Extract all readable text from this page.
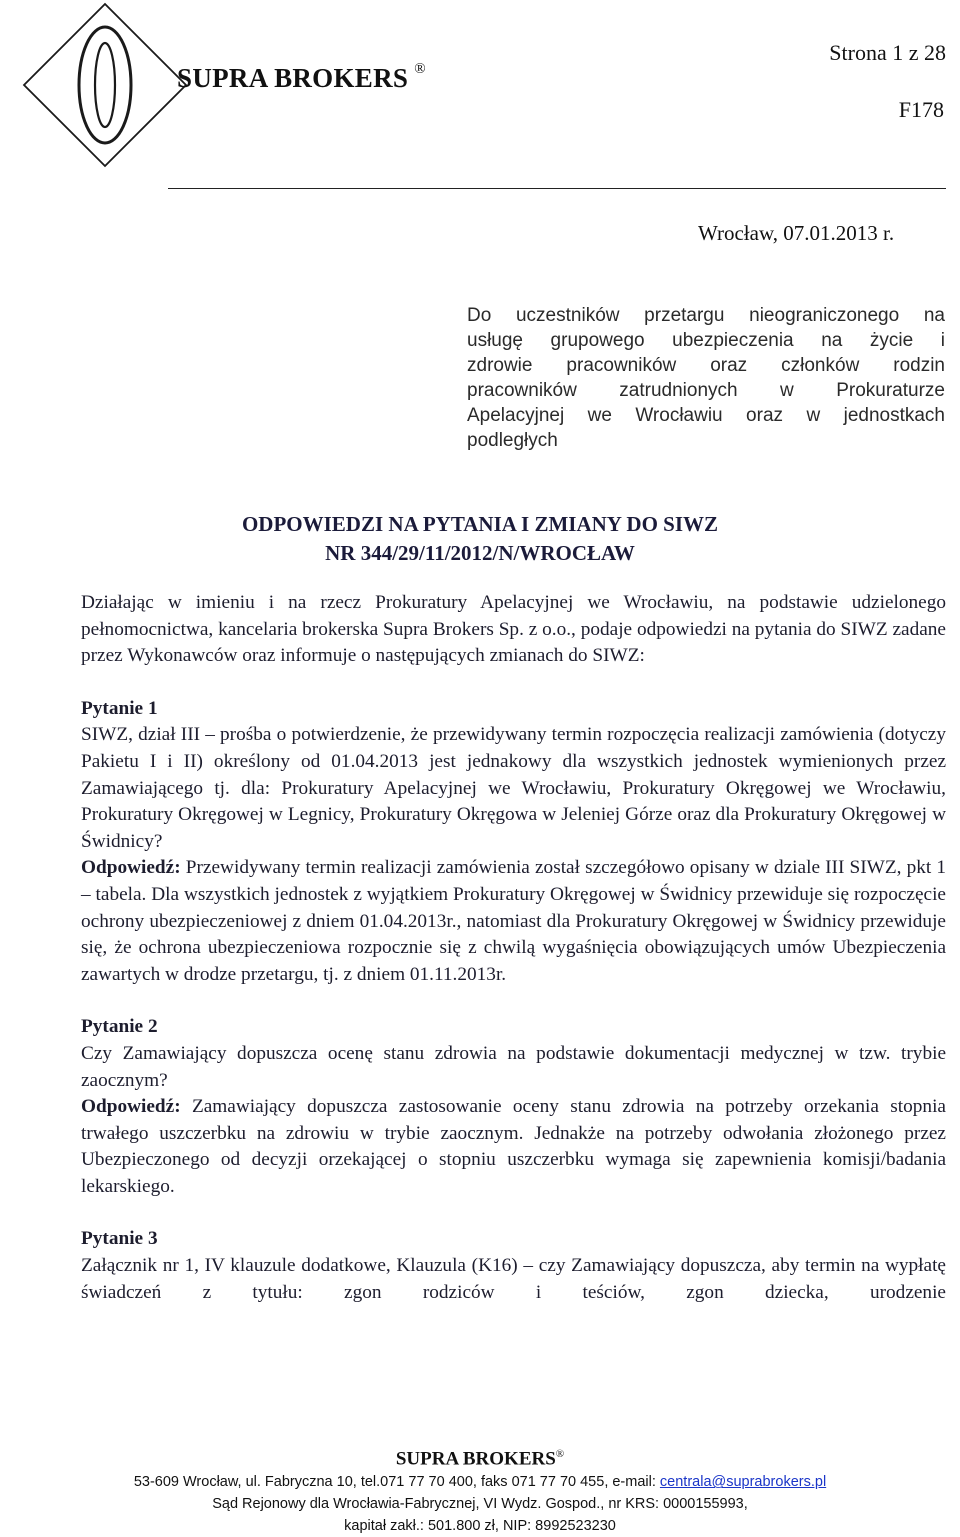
SUPRA BROKERS ®
Strona 1 z 28
F178
Wrocław, 07.01.2013 r.
Do uczestników przetargu nieograniczonego na
usługę grupowego ubezpieczenia na życie i
zdrowie pracowników oraz członków rodzin
pracowników zatrudnionych w Prokuraturze
Apelacyjnej we Wrocławiu oraz w jednostkach
podległych
ODPOWIEDZI NA PYTANIA I ZMIANY DO SIWZ
NR 344/29/11/2012/N/WROCŁAW

Działając w imieniu i na rzecz Prokuratury Apelacyjnej we Wrocławiu, na podstawie udzielonego pełnomocnictwa, kancelaria brokerska Supra Brokers Sp. z o.o., podaje odpowiedzi na pytania do SIWZ zadane przez Wykonawców oraz informuje o następujących zmianach do SIWZ:

Pytanie 1

SIWZ, dział III – prośba o potwierdzenie, że przewidywany termin rozpoczęcia realizacji zamówienia (dotyczy Pakietu I i II) określony od 01.04.2013 jest jednakowy dla wszystkich jednostek wymienionych przez Zamawiającego tj. dla: Prokuratury Apelacyjnej we Wrocławiu, Prokuratury Okręgowej we Wrocławiu, Prokuratury Okręgowej w Legnicy, Prokuratury Okręgowa w Jeleniej Górze oraz dla Prokuratury Okręgowej w Świdnicy?

Odpowiedź: Przewidywany termin realizacji zamówienia został szczegółowo opisany w dziale III SIWZ, pkt 1 – tabela. Dla wszystkich jednostek z wyjątkiem Prokuratury Okręgowej w Świdnicy przewiduje się rozpoczęcie ochrony ubezpieczeniowej z dniem 01.04.2013r., natomiast dla Prokuratury Okręgowej w Świdnicy przewiduje się, że ochrona ubezpieczeniowa rozpocznie się z chwilą wygaśnięcia obowiązujących umów Ubezpieczenia zawartych w drodze przetargu, tj. z dniem 01.11.2013r.

Pytanie 2

Czy Zamawiający dopuszcza ocenę stanu zdrowia na podstawie dokumentacji medycznej w tzw. trybie zaocznym?

Odpowiedź: Zamawiający dopuszcza zastosowanie oceny stanu zdrowia na potrzeby orzekania stopnia trwałego uszczerbku na zdrowiu w trybie zaocznym. Jednakże na potrzeby odwołania złożonego przez Ubezpieczonego od decyzji orzekającej o stopniu uszczerbku wymaga się zapewnienia komisji/badania lekarskiego.

Pytanie 3

Załącznik nr 1, IV klauzule dodatkowe, Klauzula (K16) – czy Zamawiający dopuszcza, aby termin na wypłatę świadczeń z tytułu: zgon rodziców i teściów, zgon dziecka, urodzenie

SUPRA BROKERS®
53-609 Wrocław, ul. Fabryczna 10, tel.071 77 70 400, faks 071 77 70 455, e-mail: centrala@suprabrokers.pl
Sąd Rejonowy dla Wrocławia-Fabrycznej, VI Wydz. Gospod., nr KRS: 0000155993,
kapitał zakł.: 501.800 zł, NIP: 8992523230
